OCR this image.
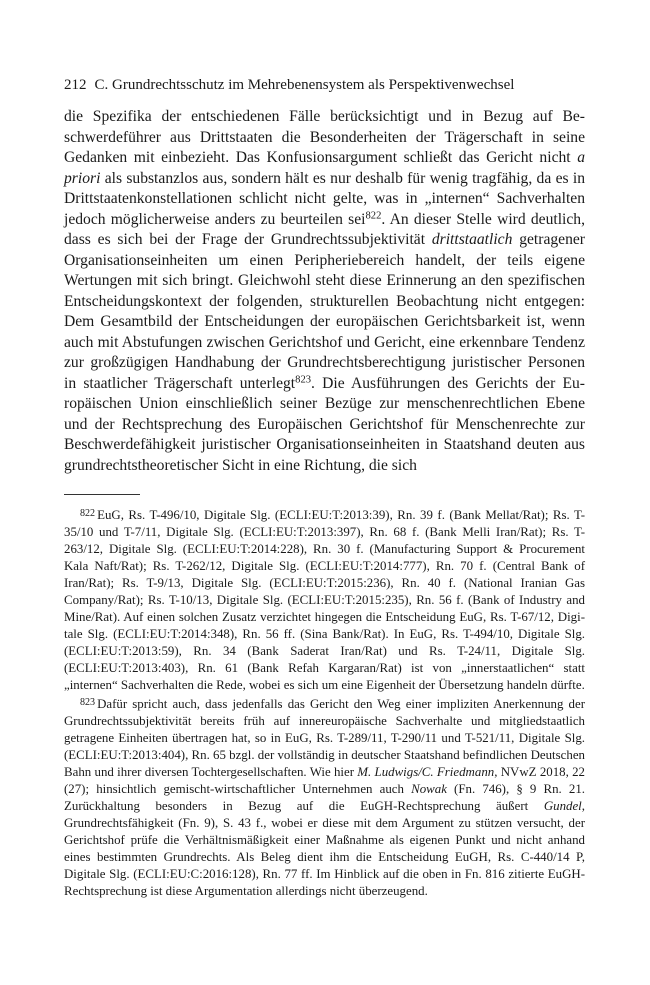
212 C. Grundrechtsschutz im Mehrebenensystem als Perspektivenwechsel

die Spezifika der entschiedenen Fälle berücksichtigt und in Bezug auf Beschwerdeführer aus Drittstaaten die Besonderheiten der Trägerschaft in seine Gedanken mit einbezieht. Das Konfusionsargument schließt das Gericht nicht a priori als substanzlos aus, sondern hält es nur deshalb für wenig tragfähig, da es in Drittstaatenkonstellationen schlicht nicht gelte, was in „internen“ Sachverhalten jedoch möglicherweise anders zu beurteilen sei$^{822}$. An dieser Stelle wird deutlich, dass es sich bei der Frage der Grundrechtssubjektivität drittstaatlich getragener Organisationseinheiten um einen Peripheriebereich handelt, der teils eigene Wertungen mit sich bringt. Gleichwohl steht diese Erinnerung an den spezifischen Entscheidungskontext der folgenden, strukturellen Beobachtung nicht entgegen: Dem Gesamtbild der Entscheidungen der europäischen Gerichtsbarkeit ist, wenn auch mit Abstufungen zwischen Gerichtshof und Gericht, eine erkennbare Tendenz zur großzügigen Handhabung der Grundrechtsberechtigung juristischer Personen in staatlicher Trägerschaft unterlegt$^{823}$. Die Ausführungen des Gerichts der Europäischen Union einschließlich seiner Bezüge zur menschenrechtlichen Ebene und der Rechtsprechung des Europäischen Gerichtshof für Menschenrechte zur Beschwerdefähigkeit juristischer Organisationseinheiten in Staatshand deuten aus grundrechtstheoretischer Sicht in eine Richtung, die sich

$^{822}$ EuG, Rs. T-496/10, Digitale Slg. (ECLI:EU:T:2013:39), Rn. 39 f. (Bank Mellat/Rat); Rs. T-35/10 und T-7/11, Digitale Slg. (ECLI:EU:T:2013:397), Rn. 68 f. (Bank Melli Iran/Rat); Rs. T-263/12, Digitale Slg. (ECLI:EU:T:2014:228), Rn. 30 f. (Manufacturing Support & Procurement Kala Naft/Rat); Rs. T-262/12, Digitale Slg. (ECLI:EU:T:2014:777), Rn. 70 f. (Central Bank of Iran/Rat); Rs. T-9/13, Digitale Slg. (ECLI:EU:T:2015:236), Rn. 40 f. (National Iranian Gas Company/Rat); Rs. T-10/13, Digitale Slg. (ECLI:EU:T:2015:235), Rn. 56 f. (Bank of Industry and Mine/Rat). Auf einen solchen Zusatz verzichtet hingegen die Entscheidung EuG, Rs. T-67/12, Digitale Slg. (ECLI:EU:T:2014:348), Rn. 56 ff. (Sina Bank/Rat). In EuG, Rs. T-494/10, Digitale Slg. (ECLI:EU:T:2013:59), Rn. 34 (Bank Saderat Iran/Rat) und Rs. T-24/11, Digitale Slg. (ECLI:EU:T:2013:403), Rn. 61 (Bank Refah Kargaran/Rat) ist von „innerstaatlichen“ statt „internen“ Sachverhalten die Rede, wobei es sich um eine Eigenheit der Übersetzung handeln dürfte.

$^{823}$ Dafür spricht auch, dass jedenfalls das Gericht den Weg einer impliziten Anerkennung der Grundrechtssubjektivität bereits früh auf innereuropäische Sachverhalte und mitgliedstaatlich getragene Einheiten übertragen hat, so in EuG, Rs. T-289/11, T-290/11 und T-521/11, Digitale Slg. (ECLI:EU:T:2013:404), Rn. 65 bzgl. der vollständig in deutscher Staatshand befindlichen Deutschen Bahn und ihrer diversen Tochtergesellschaften. Wie hier M. Ludwigs/C. Friedmann, NVwZ 2018, 22 (27); hinsichtlich gemischt-wirtschaftlicher Unternehmen auch Nowak (Fn. 746), § 9 Rn. 21. Zurückhaltung besonders in Bezug auf die EuGH-Rechtsprechung äußert Gundel, Grundrechtsfähigkeit (Fn. 9), S. 43 f., wobei er diese mit dem Argument zu stützen versucht, der Gerichtshof prüfe die Verhältnismäßigkeit einer Maßnahme als eigenen Punkt und nicht anhand eines bestimmten Grundrechts. Als Beleg dient ihm die Entscheidung EuGH, Rs. C-440/14 P, Digitale Slg. (ECLI:EU:C:2016:128), Rn. 77 ff. Im Hinblick auf die oben in Fn. 816 zitierte EuGH-Rechtsprechung ist diese Argumentation allerdings nicht überzeugend.
